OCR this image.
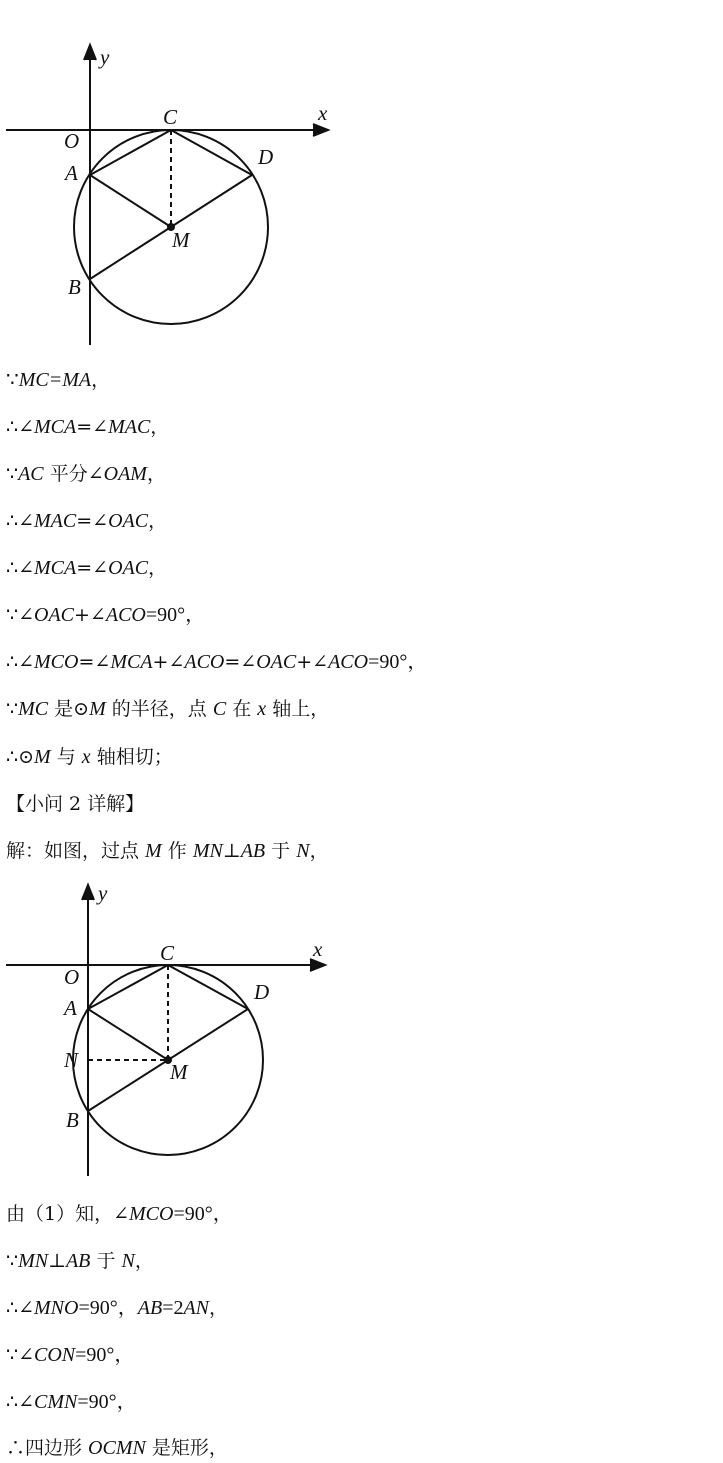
y
x
O
C
A
D
M
B
∵MC=MA，
∴∠MCA=∠MAC，
∵AC 平分∠OAM，
∴∠MAC=∠OAC，
∴∠MCA=∠OAC，
∵∠OAC+∠ACO=90°，
∴∠MCO=∠MCA+∠ACO=∠OAC+∠ACO=90°，
∵MC 是⊙M 的半径，点 C 在 x 轴上，
∴⊙M 与 x 轴相切；
【小问 2 详解】
解：如图，过点 M 作 MN⊥AB 于 N，
y
x
O
C
A
D
N	M
B
由（1）知，∠MCO=90°，
∵MN⊥AB 于 N，
∴∠MNO=90°，AB=2AN，
∵∠CON=90°，
∴∠CMN=90°，
∴四边形 OCMN 是矩形，
